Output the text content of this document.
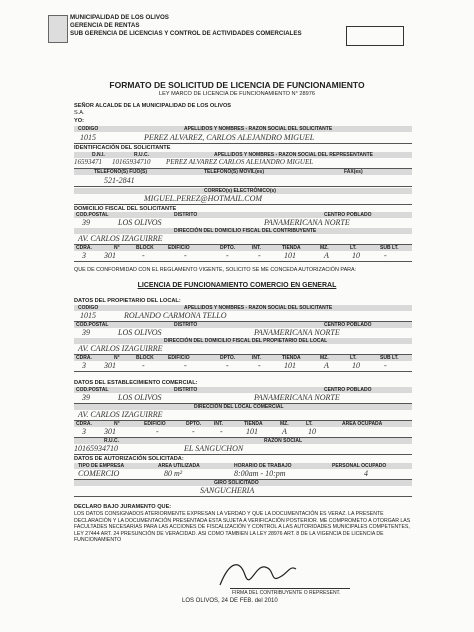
MUNICIPALIDAD DE LOS OLIVOS
GERENCIA DE RENTAS
SUB GERENCIA DE LICENCIAS Y CONTROL DE ACTIVIDADES COMERCIALES
FORMATO DE SOLICITUD DE LICENCIA DE FUNCIONAMIENTO
LEY MARCO DE LICENCIA DE FUNCIONAMIENTO N° 28976
SEÑOR ALCALDE DE LA MUNICIPALIDAD DE LOS OLIVOS
S.A.
YO:
CODIGO	APELLIDOS Y NOMBRES - RAZON SOCIAL DEL SOLICITANTE
1015	PEREZ ALVAREZ, CARLOS ALEJANDRO MIGUEL
IDENTIFICACIÓN DEL SOLICITANTE
D.N.I.	R.U.C.	APELLIDOS Y NOMBRES - RAZON SOCIAL DEL REPRESENTANTE
16593471 10165934710 PEREZ ALVAREZ CARLOS ALEJANDRO MIGUEL
TELEFONO(S) FIJO(S)	TELEFONO(S) MOVIL(es)	FAX(es)
521-2841
CORREO(s) ELECTRÓNICO(s)
MIGUEL.PEREZ@HOTMAIL.COM
DOMICILIO FISCAL DEL SOLICITANTE
COD.POSTAL	DISTRITO	CENTRO POBLADO
39	LOS OLIVOS	PANAMERICANA NORTE
DIRECCIÓN DEL DOMICILIO FISCAL DEL CONTRIBUYENTE
AV. CARLOS IZAGUIRRE
CDRA.	N°	BLOCK	EDIFICIO	DPTO.	INT.	TIENDA	MZ.	LT.	SUB LT.
3 301	-	-	-	-	101	A	10	-
QUE DE CONFORMIDAD CON EL REGLAMENTO VIGENTE, SOLICITO SE ME CONCEDA AUTORIZACIÓN PARA:
LICENCIA DE FUNCIONAMIENTO COMERCIO EN GENERAL
DATOS DEL PROPIETARIO DEL LOCAL:
CODIGO	APELLIDOS Y NOMBRES - RAZON SOCIAL DEL SOLICITANTE
1015	ROLANDO CARMONA TELLO
COD.POSTAL	DISTRITO	CENTRO POBLADO
39	LOS OLIVOS	PANAMERICANA NORTE
DIRECCIÓN DEL DOMICILIO FISCAL DEL PROPIETARIO DEL LOCAL
AV. CARLOS IZAGUIRRE
CDRA.	N°	BLOCK	EDIFICIO	DPTO.	INT.	TIENDA	MZ.	LT.	SUB LT.
3 301	-	-	-	-	101	A	10	-
DATOS DEL ESTABLECIMIENTO COMERCIAL:
COD.POSTAL	DISTRITO	CENTRO POBLADO
39	LOS OLIVOS	PANAMERICANA NORTE
DIRECCIÓN DEL LOCAL COMERCIAL
AV. CARLOS IZAGUIRRE
CDRA.	N°	EDIFICIO	DPTO.	INT.	TIENDA	MZ.	LT.	AREA OCUPADA
3 301	-	-	-	101	A	10
R.U.C.	RAZON SOCIAL
10165934710	EL SANGUCHON
DATOS DE AUTORIZACIÓN SOLICITADA:
TIPO DE EMPRESA	AREA UTILIZADA	HORARIO DE TRABAJO	PERSONAL OCUPADO
COMERCIO	80 m²	8:00am - 10:pm	4
GIRO SOLICITADO
SANGUCHERIA
DECLARO BAJO JURAMENTO QUE:
LOS DATOS CONSIGNADOS ATERIORMENTE EXPRESAN LA VERDAD Y QUE LA DOCUMENTACIÓN ES VERAZ. LA PRESENTE DECLARACIÓN Y LA DOCUMENTACIÓN PRESENTADA ESTA SUJETA A VERIFICACIÓN POSTERIOR. ME COMPROMETO A OTORGAR LAS FACULTADES NECESARIAS PARA LAS ACCIONES DE FISCALIZACIÓN Y CONTROL A LAS AUTORIDADES MUNICIPALES COMPETENTES, LEY 27444 ART. 24 PRESUNCIÓN DE VERACIDAD. ASI COMO TAMBIEN LA LEY 28976 ART. 8 DE LA VIGENCIA DE LICENCIA DE FUNCIONAMIENTO
FIRMA DEL CONTRIBUYENTE O REPRESENT.
LOS OLIVOS, 24 DE FEB. del 2010
